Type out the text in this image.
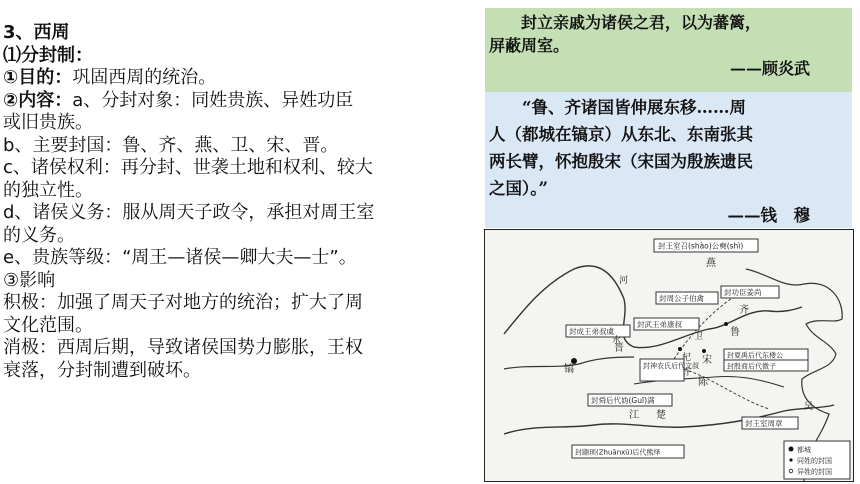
3、西周
⑴分封制：
①目的：巩固西周的统治。
②内容：a、分封对象：同姓贵族、异姓功臣
或旧贵族。
b、主要封国：鲁、齐、燕、卫、宋、晋。
c、诸侯权利：再分封、世袭土地和权利、较大
的独立性。
d、诸侯义务：服从周天子政令，承担对周王室
的义务。
e、贵族等级：“周王—诸侯—卿大夫—士”。
③影响
积极：加强了周天子对地方的统治；扩大了周
文化范围。
消极：西周后期，导致诸侯国势力膨胀，王权
衰落，分封制遭到破坏。
封立亲戚为诸侯之君，以为蕃篱，
屏蔽周室。
——顾炎武
“鲁、齐诸国皆伸展东移……周
人（都城在镐京）从东北、东南张其
两长臂，怀抱殷宋（宋国为殷族遗民
之国）。”
——钱　穆
封王室召(shào)公奭(shì)
封周公子伯禽
封功臣姜尚
封武王弟康叔
封成王弟叔虞
封神农氏后代文叔
封夏禹后代东楼公
封殷商后代微子
封舜后代妫(Guī)满
封王室周章
封颛顼(Zhuānxū)后代熊绎
燕
河
齐
鲁
水	卫
晋
镐
杞 宋
许
陈
江 楚
吴
都城
同姓的封国
异姓的封国
